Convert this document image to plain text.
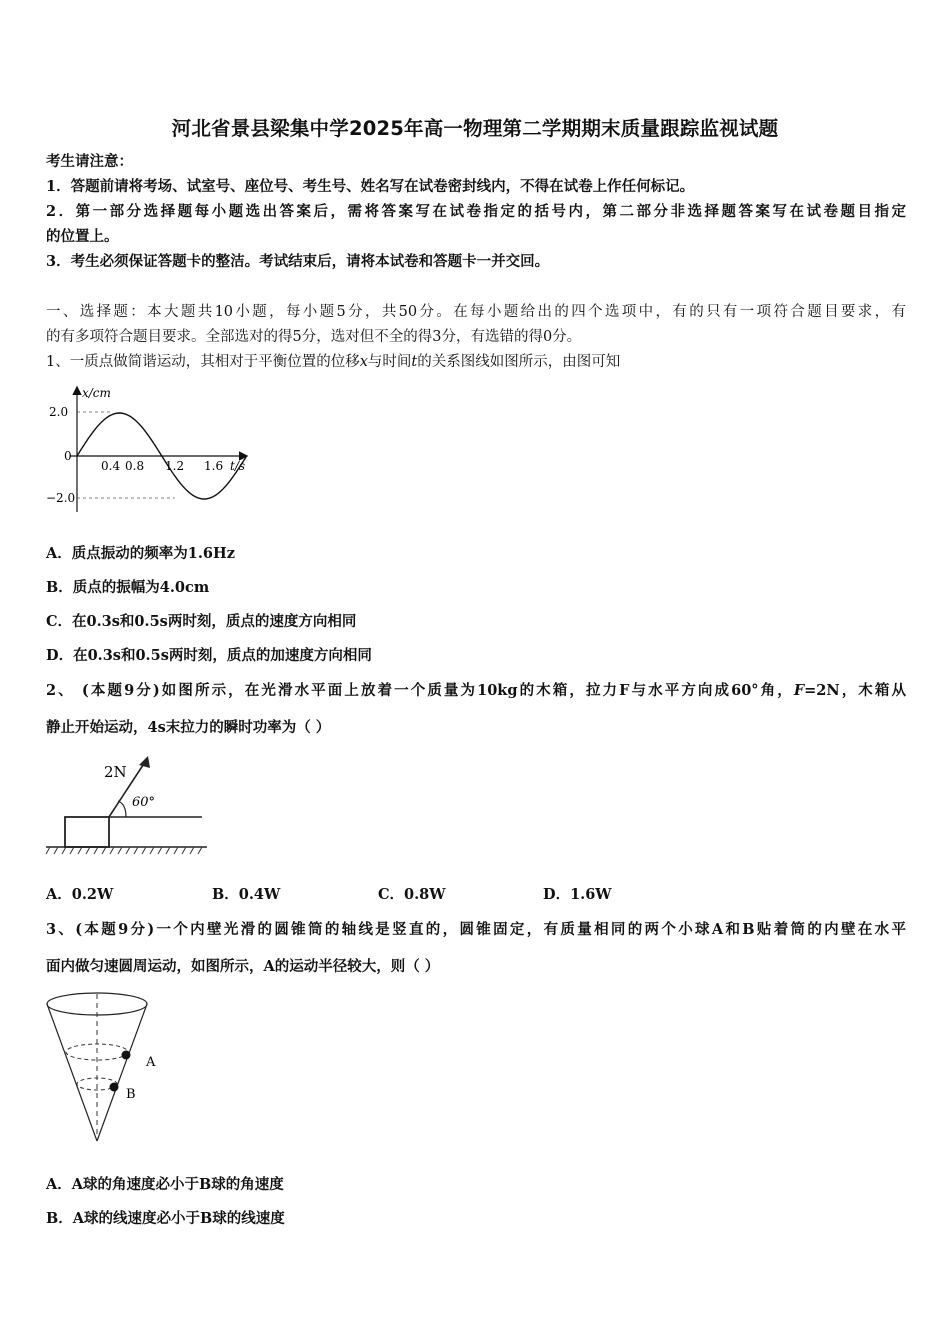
河北省景县梁集中学2025年高一物理第二学期期末质量跟踪监视试题
考生请注意：
1．答题前请将考场、试室号、座位号、考生号、姓名写在试卷密封线内，不得在试卷上作任何标记。
2．第一部分选择题每小题选出答案后，需将答案写在试卷指定的括号内，第二部分非选择题答案写在试卷题目指定
的位置上。
3．考生必须保证答题卡的整洁。考试结束后，请将本试卷和答题卡一并交回。
一、选择题：本大题共10小题，每小题5分，共50分。在每小题给出的四个选项中，有的只有一项符合题目要求，有
的有多项符合题目要求。全部选对的得5分，选对但不全的得3分，有选错的得0分。
1、一质点做简谐运动，其相对于平衡位置的位移x与时间t的关系图线如图所示，由图可知
x/cm
2.0
0
−2.0
0.4 0.8 1.2 1.6 t/s
A．质点振动的频率为1.6Hz
B．质点的振幅为4.0cm
C．在0.3s和0.5s两时刻，质点的速度方向相同
D．在0.3s和0.5s两时刻，质点的加速度方向相同
2、 (本题9分)如图所示，在光滑水平面上放着一个质量为10kg的木箱，拉力F与水平方向成60°角，F=2N，木箱从
静止开始运动，4s末拉力的瞬时功率为（ ）
2N
60°
A．0.2W	B．0.4W	C．0.8W	D．1.6W
3、(本题9分)一个内壁光滑的圆锥筒的轴线是竖直的，圆锥固定，有质量相同的两个小球A和B贴着筒的内壁在水平
面内做匀速圆周运动，如图所示，A的运动半径较大，则（ ）
A
B
A．A球的角速度必小于B球的角速度
B．A球的线速度必小于B球的线速度
